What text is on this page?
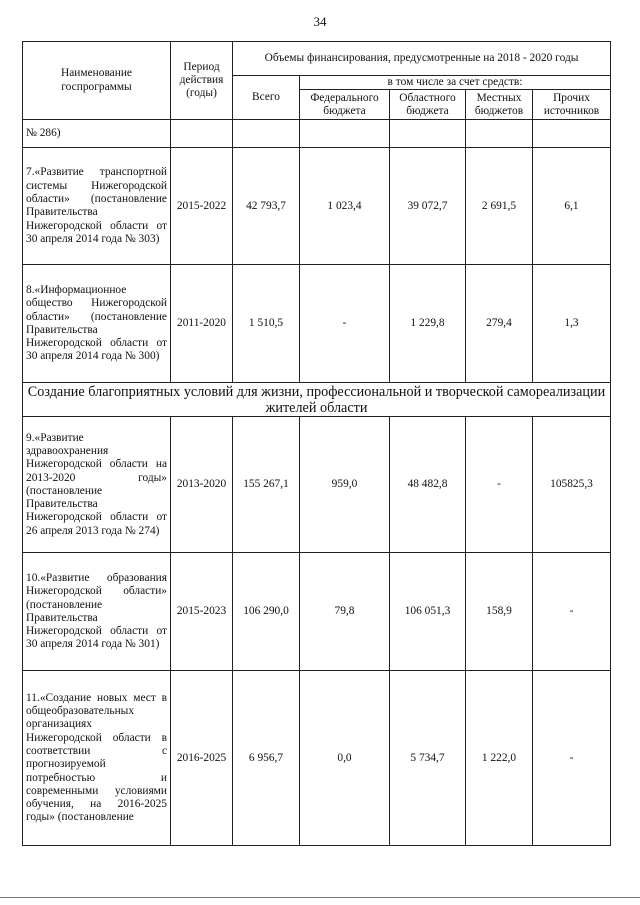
34
Наименование госпрограммы	Период действия (годы)	Объемы финансирования, предусмотренные на 2018 - 2020 годы				
		Всего	в том числе за счет средств:			
			Федерального бюджета	Областного бюджета	Местных бюджетов	Прочих источников
№ 286)						

7.«Развитие транспортной системы Нижегородской области» (постановление Правительства Нижегородской области от 30 апреля 2014 года № 303)	2015-2022	42 793,7	1 023,4	39 072,7	2 691,5	6,1

8.«Информационное общество Нижегородской области» (постановление Правительства Нижегородской области от 30 апреля 2014 года № 300)	2011-2020	1 510,5	-	1 229,8	279,4	1,3
Создание благоприятных условий для жизни, профессиональной и творческой самореализации жителей области						

9.«Развитие здравоохранения Нижегородской области на 2013-2020 годы» (постановление Правительства Нижегородской области от 26 апреля 2013 года № 274)	2013-2020	155 267,1	959,0	48 482,8	-	105825,3

10.«Развитие образования Нижегородской области» (постановление Правительства Нижегородской области от 30 апреля 2014 года № 301)	2015-2023	106 290,0	79,8	106 051,3	158,9	-

11.«Создание новых мест в общеобразовательных организациях Нижегородской области в соответствии с прогнозируемой потребностью и современными условиями обучения, на 2016-2025 годы» (постановление	2016-2025	6 956,7	0,0	5 734,7	1 222,0	-
